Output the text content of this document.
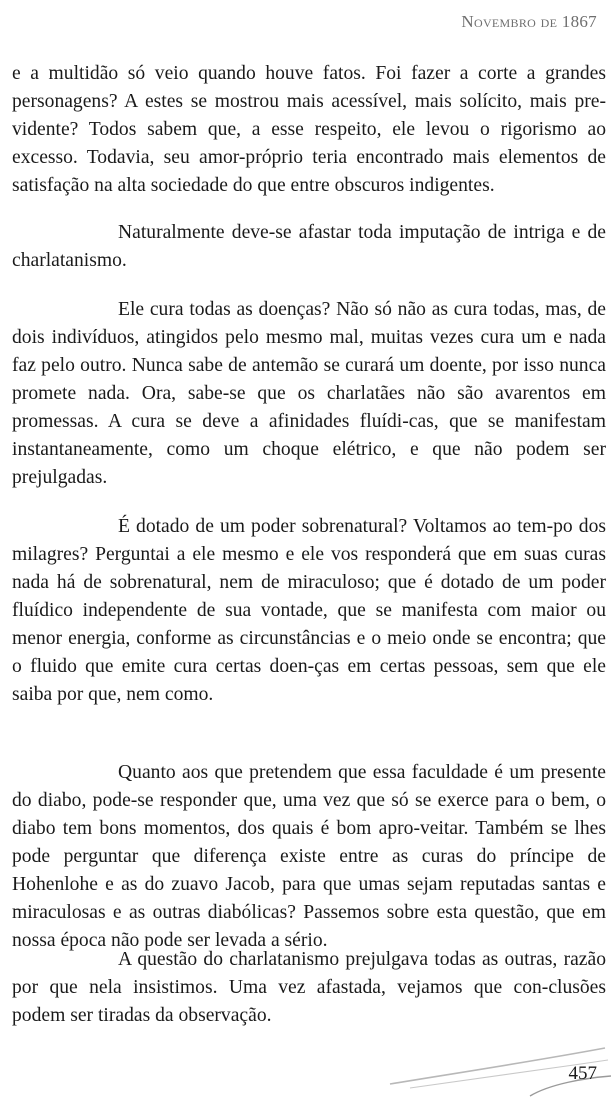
Novembro de 1867

e a multidão só veio quando houve fatos. Foi fazer a corte a grandes personagens? A estes se mostrou mais acessível, mais solícito, mais pre-vidente? Todos sabem que, a esse respeito, ele levou o rigorismo ao excesso. Todavia, seu amor-próprio teria encontrado mais elementos de satisfação na alta sociedade do que entre obscuros indigentes.

Naturalmente deve-se afastar toda imputação de intriga e de charlatanismo.

Ele cura todas as doenças? Não só não as cura todas, mas, de dois indivíduos, atingidos pelo mesmo mal, muitas vezes cura um e nada faz pelo outro. Nunca sabe de antemão se curará um doente, por isso nunca promete nada. Ora, sabe-se que os charlatães não são avarentos em promessas. A cura se deve a afinidades fluídi-cas, que se manifestam instantaneamente, como um choque elétrico, e que não podem ser prejulgadas.

É dotado de um poder sobrenatural? Voltamos ao tem-po dos milagres? Perguntai a ele mesmo e ele vos responderá que em suas curas nada há de sobrenatural, nem de miraculoso; que é dotado de um poder fluídico independente de sua vontade, que se manifesta com maior ou menor energia, conforme as circunstâncias e o meio onde se encontra; que o fluido que emite cura certas doen-ças em certas pessoas, sem que ele saiba por que, nem como.

Quanto aos que pretendem que essa faculdade é um presente do diabo, pode-se responder que, uma vez que só se exerce para o bem, o diabo tem bons momentos, dos quais é bom apro-veitar. Também se lhes pode perguntar que diferença existe entre as curas do príncipe de Hohenlohe e as do zuavo Jacob, para que umas sejam reputadas santas e miraculosas e as outras diabólicas? Passemos sobre esta questão, que em nossa época não pode ser levada a sério.

A questão do charlatanismo prejulgava todas as outras, razão por que nela insistimos. Uma vez afastada, vejamos que con-clusões podem ser tiradas da observação.

457
